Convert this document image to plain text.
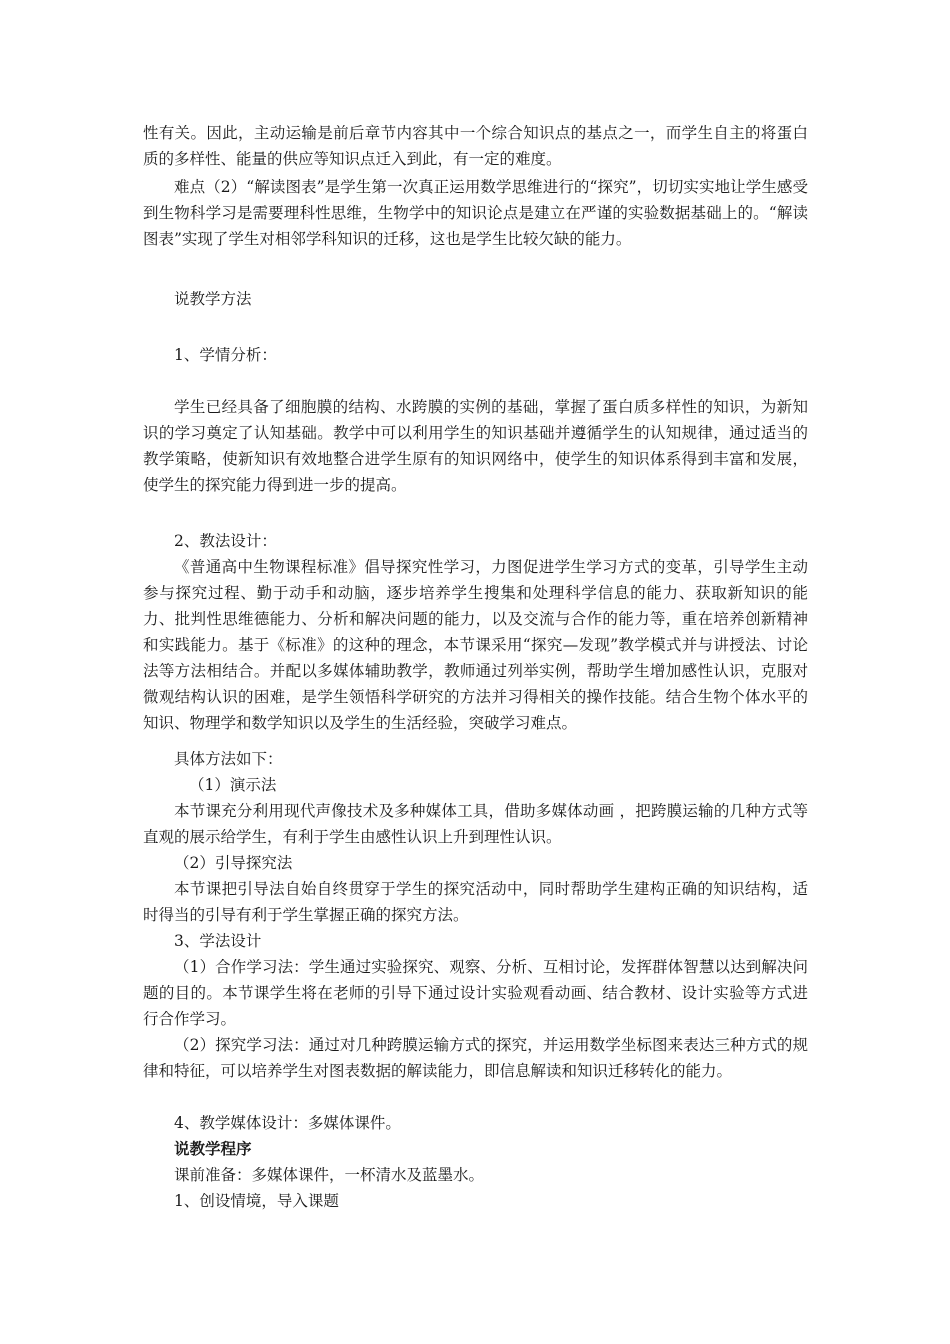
性有关。因此，主动运输是前后章节内容其中一个综合知识点的基点之一，而学生自主的将蛋白质的多样性、能量的供应等知识点迁入到此，有一定的难度。

难点（2）“解读图表”是学生第一次真正运用数学思维进行的“探究”，切切实实地让学生感受到生物科学习是需要理科性思维，生物学中的知识论点是建立在严谨的实验数据基础上的。“解读图表”实现了学生对相邻学科知识的迁移，这也是学生比较欠缺的能力。

说教学方法

1、学情分析：

学生已经具备了细胞膜的结构、水跨膜的实例的基础，掌握了蛋白质多样性的知识，为新知识的学习奠定了认知基础。教学中可以利用学生的知识基础并遵循学生的认知规律，通过适当的教学策略，使新知识有效地整合进学生原有的知识网络中，使学生的知识体系得到丰富和发展，使学生的探究能力得到进一步的提高。

2、教法设计：

《普通高中生物课程标准》倡导探究性学习，力图促进学生学习方式的变革，引导学生主动参与探究过程、勤于动手和动脑，逐步培养学生搜集和处理科学信息的能力、获取新知识的能力、批判性思维德能力、分析和解决问题的能力，以及交流与合作的能力等，重在培养创新精神和实践能力。基于《标准》的这种的理念，本节课采用“探究—发现”教学模式并与讲授法、讨论法等方法相结合。并配以多媒体辅助教学，教师通过列举实例，帮助学生增加感性认识，克服对微观结构认识的困难，是学生领悟科学研究的方法并习得相关的操作技能。结合生物个体水平的知识、物理学和数学知识以及学生的生活经验，突破学习难点。

具体方法如下：

（1）演示法

本节课充分利用现代声像技术及多种媒体工具，借助多媒体动画 ，把跨膜运输的几种方式等直观的展示给学生，有利于学生由感性认识上升到理性认识。

（2）引导探究法

本节课把引导法自始自终贯穿于学生的探究活动中，同时帮助学生建构正确的知识结构，适时得当的引导有利于学生掌握正确的探究方法。

3、学法设计

（1）合作学习法：学生通过实验探究、观察、分析、互相讨论，发挥群体智慧以达到解决问题的目的。本节课学生将在老师的引导下通过设计实验观看动画、结合教材、设计实验等方式进行合作学习。

（2）探究学习法：通过对几种跨膜运输方式的探究，并运用数学坐标图来表达三种方式的规律和特征，可以培养学生对图表数据的解读能力，即信息解读和知识迁移转化的能力。

4、教学媒体设计：多媒体课件。

说教学程序

课前准备：多媒体课件，一杯清水及蓝墨水。

1、创设情境，导入课题
